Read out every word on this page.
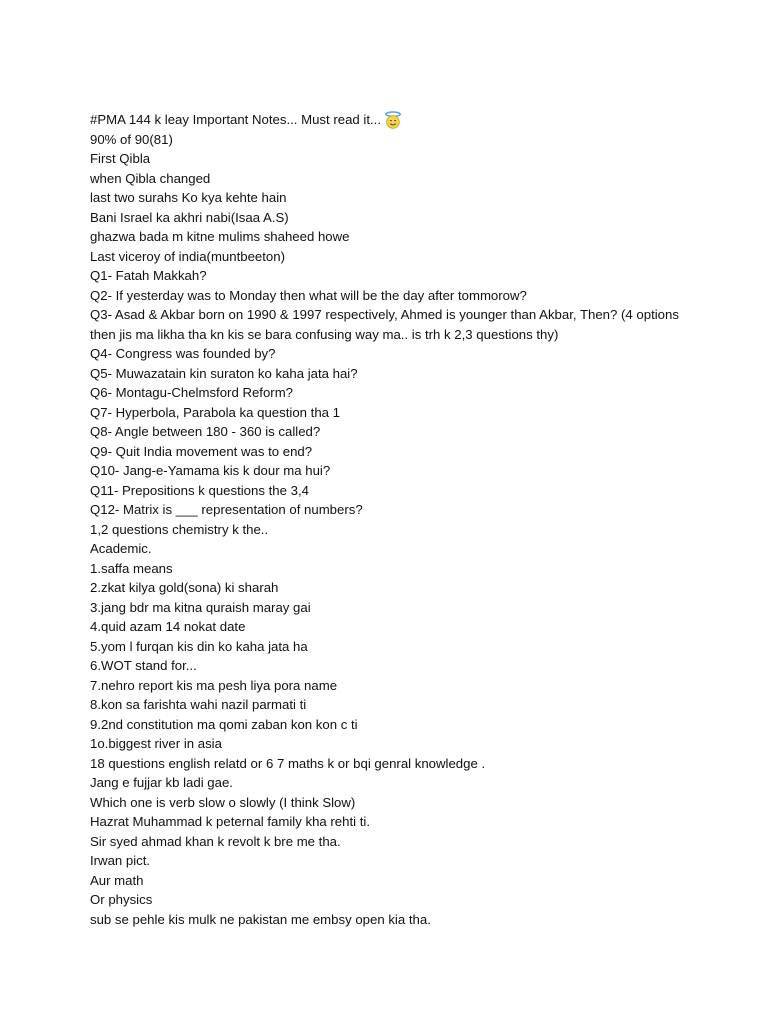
#PMA 144 k leay Important Notes... Must read it...
90% of 90(81)
First Qibla
when Qibla changed
last two surahs Ko kya kehte hain
Bani Israel ka akhri nabi(Isaa A.S)
ghazwa bada m kitne mulims shaheed howe
Last viceroy of india(muntbeeton)
Q1- Fatah Makkah?
Q2- If yesterday was to Monday then what will be the day after tommorow?
Q3- Asad & Akbar born on 1990 & 1997 respectively, Ahmed is younger than Akbar, Then? (4 options then jis ma likha tha kn kis se bara confusing way ma.. is trh k 2,3 questions thy)
Q4- Congress was founded by?
Q5- Muwazatain kin suraton ko kaha jata hai?
Q6- Montagu-Chelmsford Reform?
Q7- Hyperbola, Parabola ka question tha 1
Q8- Angle between 180 - 360 is called?
Q9- Quit India movement was to end?
Q10- Jang-e-Yamama kis k dour ma hui?
Q11- Prepositions k questions the 3,4
Q12- Matrix is ___ representation of numbers?
1,2 questions chemistry k the..
Academic.
1.saffa means
2.zkat kilya gold(sona) ki sharah
3.jang bdr ma kitna quraish maray gai
4.quid azam 14 nokat date
5.yom l furqan kis din ko kaha jata ha
6.WOT stand for...
7.nehro report kis ma pesh liya pora name
8.kon sa farishta wahi nazil parmati ti
9.2nd constitution ma qomi zaban kon kon c ti
1o.biggest river in asia
18 questions english relatd or 6 7 maths k or bqi genral knowledge .
Jang e fujjar kb ladi gae.
Which one is verb slow o slowly (I think Slow)
Hazrat Muhammad k peternal family kha rehti ti.
Sir syed ahmad khan k revolt k bre me tha.
Irwan pict.
Aur math
Or physics
sub se pehle kis mulk ne pakistan me embsy open kia tha.
